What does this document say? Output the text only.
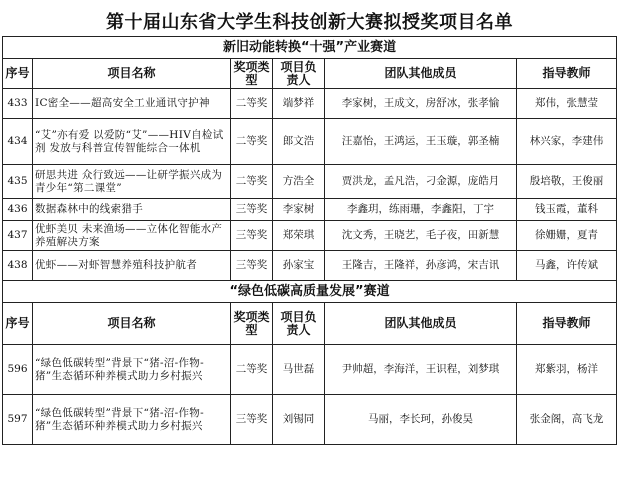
第十届山东省大学生科技创新大赛拟授奖项目名单
新旧动能转换“十强”产业赛道					
序号	项目名称	奖项类型	项目负责人	团队其他成员	指导教师
433	IC密全——超高安全工业通讯守护神	二等奖	端梦祥	李家树，王成文，房舒冰，张孝愉	郑伟，张慧莹
434	“艾”亦有爱 以爱防“艾”——HIV自检试剂 发放与科普宣传智能综合一体机	二等奖	郎文浩	汪嘉怡，王鸿运，王玉璇，郭圣楠	林兴家，李建伟
435	研思共进 众行致远——让研学振兴成为青少年“第二课堂”	二等奖	方浩全	贾洪龙，孟凡浩，刁金源，庞皓月	殷培敬，王俊丽
436	数据森林中的线索猎手	三等奖	李家树	李鑫玥，练雨珊，李鑫阳，丁宇	钱玉霞，董科
437	优虾美贝 未来渔场——立体化智能水产养殖解决方案	三等奖	郑荣琪	沈文秀，王晓艺，毛子夜，田新慧	徐姗姗，夏青
438	优虾——对虾智慧养殖科技护航者	三等奖	孙家宝	王隆吉，王隆祥，孙彦鸿，宋吉讯	马鑫，许传斌
“绿色低碳高质量发展”赛道					
序号	项目名称	奖项类型	项目负责人	团队其他成员	指导教师
596	“绿色低碳转型”背景下“猪-沼-作物-猪”生态循环种养模式助力乡村振兴	二等奖	马世磊	尹帅超，李海洋，王识程，刘梦琪	郑紫羽，杨洋
597	“绿色低碳转型”背景下“猪-沼-作物-猪”生态循环种养模式助力乡村振兴	三等奖	刘锡同	马丽，李长珂，孙俊昊	张金阁，高飞龙
